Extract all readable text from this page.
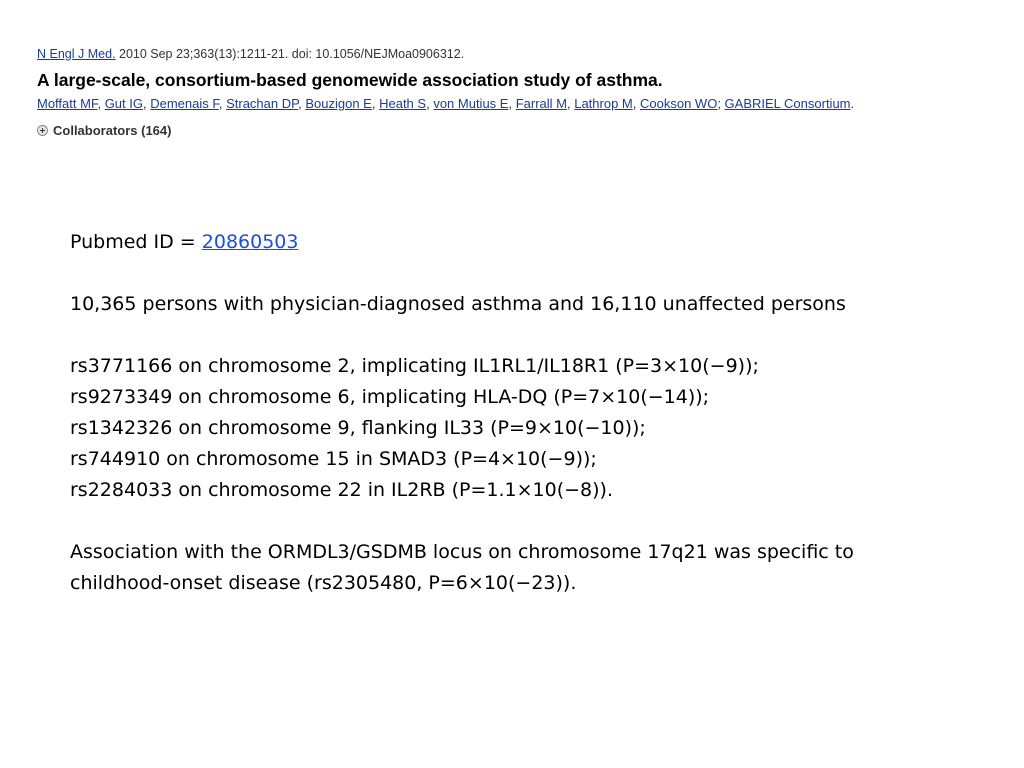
N Engl J Med. 2010 Sep 23;363(13):1211-21. doi: 10.1056/NEJMoa0906312.
A large-scale, consortium-based genomewide association study of asthma.
Moffatt MF, Gut IG, Demenais F, Strachan DP, Bouzigon E, Heath S, von Mutius E, Farrall M, Lathrop M, Cookson WO; GABRIEL Consortium.
Collaborators (164)

Pubmed ID = 20860503

10,365 persons with physician-diagnosed asthma and 16,110 unaffected persons

rs3771166 on chromosome 2, implicating IL1RL1/IL18R1 (P=3×10(−9));

rs9273349 on chromosome 6, implicating HLA-DQ (P=7×10(−14));

rs1342326 on chromosome 9, flanking IL33 (P=9×10(−10));

rs744910 on chromosome 15 in SMAD3 (P=4×10(−9));

rs2284033 on chromosome 22 in IL2RB (P=1.1×10(−8)).

Association with the ORMDL3/GSDMB locus on chromosome 17q21 was specific to childhood-onset disease (rs2305480, P=6×10(−23)).
